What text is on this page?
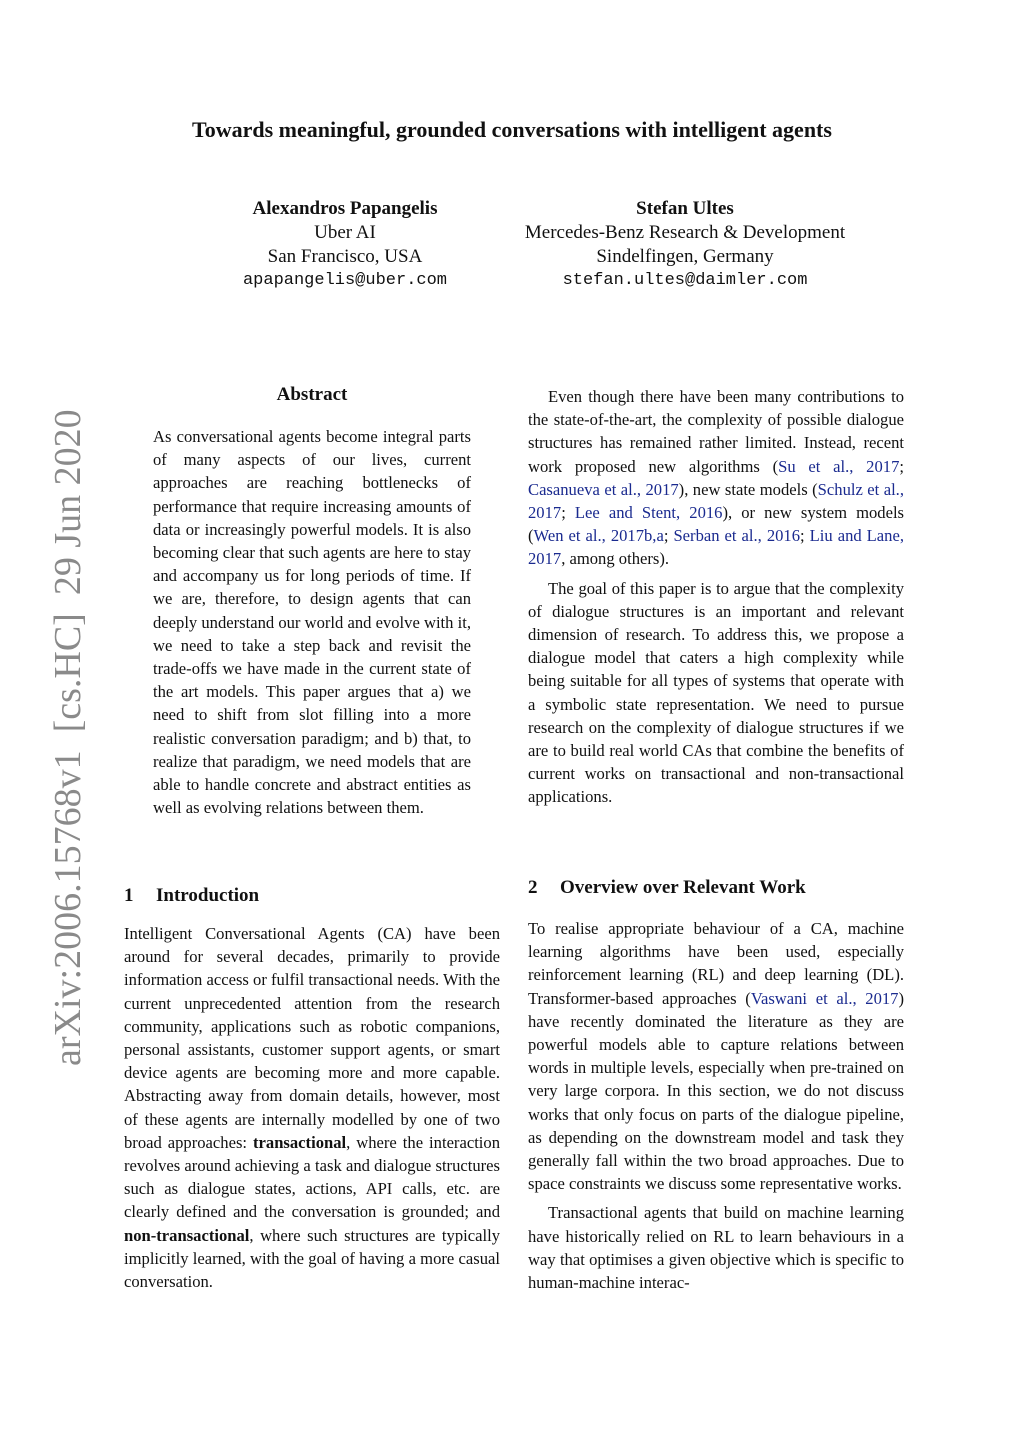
Towards meaningful, grounded conversations with intelligent agents
Alexandros Papangelis
Uber AI
San Francisco, USA
apapangelis@uber.com
Stefan Ultes
Mercedes-Benz Research & Development
Sindelfingen, Germany
stefan.ultes@daimler.com
arXiv:2006.15768v1[cs.HC]29 Jun 2020
Abstract

As conversational agents become integral parts of many aspects of our lives, current approaches are reaching bottlenecks of performance that require increasing amounts of data or increasingly powerful models. It is also becoming clear that such agents are here to stay and accompany us for long periods of time. If we are, therefore, to design agents that can deeply understand our world and evolve with it, we need to take a step back and revisit the trade-offs we have made in the current state of the art models. This paper argues that a) we need to shift from slot filling into a more realistic conversation paradigm; and b) that, to realize that paradigm, we need models that are able to handle concrete and abstract entities as well as evolving relations between them.

1 Introduction

Intelligent Conversational Agents (CA) have been around for several decades, primarily to provide information access or fulfil transactional needs. With the current unprecedented attention from the research community, applications such as robotic companions, personal assistants, customer support agents, or smart device agents are becoming more and more capable. Abstracting away from domain details, however, most of these agents are internally modelled by one of two broad approaches: transactional, where the interaction revolves around achieving a task and dialogue structures such as dialogue states, actions, API calls, etc. are clearly defined and the conversation is grounded; and non-transactional, where such structures are typically implicitly learned, with the goal of having a more casual conversation.

Even though there have been many contributions to the state-of-the-art, the complexity of possible dialogue structures has remained rather limited. Instead, recent work proposed new algorithms (Su et al., 2017; Casanueva et al., 2017), new state models (Schulz et al., 2017; Lee and Stent, 2016), or new system models (Wen et al., 2017b,a; Serban et al., 2016; Liu and Lane, 2017, among others).

The goal of this paper is to argue that the complexity of dialogue structures is an important and relevant dimension of research. To address this, we propose a dialogue model that caters a high complexity while being suitable for all types of systems that operate with a symbolic state representation. We need to pursue research on the complexity of dialogue structures if we are to build real world CAs that combine the benefits of current works on transactional and non-transactional applications.

2 Overview over Relevant Work

To realise appropriate behaviour of a CA, machine learning algorithms have been used, especially reinforcement learning (RL) and deep learning (DL). Transformer-based approaches (Vaswani et al., 2017) have recently dominated the literature as they are powerful models able to capture relations between words in multiple levels, especially when pre-trained on very large corpora. In this section, we do not discuss works that only focus on parts of the dialogue pipeline, as depending on the downstream model and task they generally fall within the two broad approaches. Due to space constraints we discuss some representative works.

Transactional agents that build on machine learning have historically relied on RL to learn behaviours in a way that optimises a given objective which is specific to human-machine interac-
